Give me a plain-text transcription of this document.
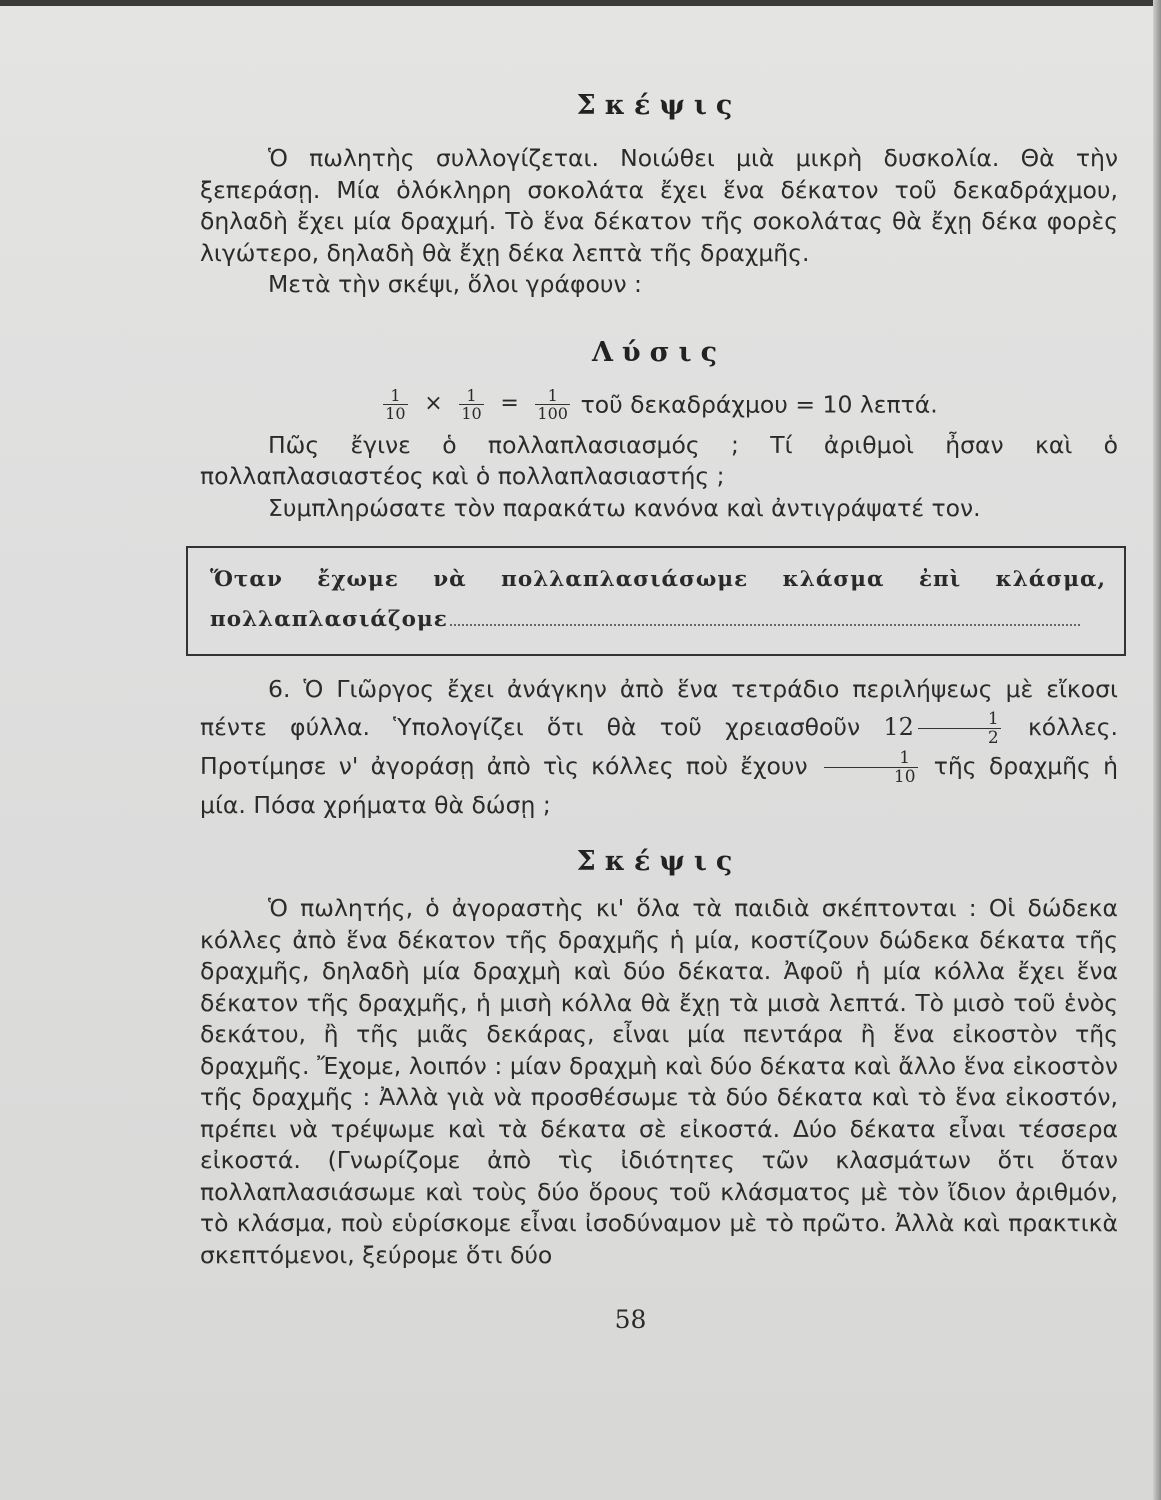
Σκέψις

Ὁ πωλητὴς συλλογίζεται. Νοιώθει μιὰ μικρὴ δυσκολία. Θὰ τὴν ξεπεράσῃ. Μία ὁλόκληρη σοκολάτα ἔχει ἕνα δέκατον τοῦ δεκαδράχμου, δηλαδὴ ἔχει μία δραχμή. Τὸ ἕνα δέκατον τῆς σοκολάτας θὰ ἔχῃ δέκα φορὲς λιγώτερο, δηλαδὴ θὰ ἔχῃ δέκα λεπτὰ τῆς δραχμῆς.

Μετὰ τὴν σκέψι, ὅλοι γράφουν :

Λύσις
$\frac{1}{10} \times \frac{1}{10} = \frac{1}{100}$ τοῦ δεκαδράχμου = 10 λεπτά.

Πῶς ἔγινε ὁ πολλαπλασιασμός ; Τί ἀριθμοὶ ἦσαν καὶ ὁ πολλαπλασιαστέος καὶ ὁ πολλαπλασιαστής ;

Συμπληρώσατε τὸν παρακάτω κανόνα καὶ ἀντιγράψατέ τον.

Ὅταν ἔχωμε νὰ πολλαπλασιάσωμε κλάσμα ἐπὶ κλάσμα, πολλαπλασιάζομε

6. Ὁ Γιῶργος ἔχει ἀνάγκην ἀπὸ ἕνα τετράδιο περιλήψεως μὲ εἴκοσι πέντε φύλλα. Ὑπολογίζει ὅτι θὰ τοῦ χρειασθοῦν $12 \frac{1}{2} \kappa ό\lambda\lambda\varepsilon\varsigma$. Προτίμησε ν' ἀγοράσῃ ἀπὸ τὶς κόλλες ποὺ ἔχουν $\frac{1}{10}$ τῆς δραχμῆς ἡ μία. Πόσα χρήματα θὰ δώσῃ ;

Σκέψις

Ὁ πωλητής, ὁ ἀγοραστὴς κι' ὅλα τὰ παιδιὰ σκέπτονται : Οἱ δώδεκα κόλλες ἀπὸ ἕνα δέκατον τῆς δραχμῆς ἡ μία, κοστίζουν δώδεκα δέκατα τῆς δραχμῆς, δηλαδὴ μία δραχμὴ καὶ δύο δέκατα. Ἀφοῦ ἡ μία κόλλα ἔχει ἕνα δέκατον τῆς δραχμῆς, ἡ μισὴ κόλλα θὰ ἔχῃ τὰ μισὰ λεπτά. Τὸ μισὸ τοῦ ἑνὸς δεκάτου, ἢ τῆς μιᾶς δεκάρας, εἶναι μία πεντάρα ἢ ἕνα εἰκοστὸν τῆς δραχμῆς. Ἔχομε, λοιπόν : μίαν δραχμὴ καὶ δύο δέκατα καὶ ἄλλο ἕνα εἰκοστὸν τῆς δραχμῆς : Ἀλλὰ γιὰ νὰ προσθέσωμε τὰ δύο δέκατα καὶ τὸ ἕνα εἰκοστόν, πρέπει νὰ τρέψωμε καὶ τὰ δέκατα σὲ εἰκοστά. Δύο δέκατα εἶναι τέσσερα εἰκοστά. (Γνωρίζομε ἀπὸ τὶς ἰδιότητες τῶν κλασμάτων ὅτι ὅταν πολλαπλασιάσωμε καὶ τοὺς δύο ὅρους τοῦ κλάσματος μὲ τὸν ἴδιον ἀριθμόν, τὸ κλάσμα, ποὺ εὑρίσκομε εἶναι ἰσοδύναμον μὲ τὸ πρῶτο. Ἀλλὰ καὶ πρακτικὰ σκεπτόμενοι, ξεύρομε ὅτι δύο

58
